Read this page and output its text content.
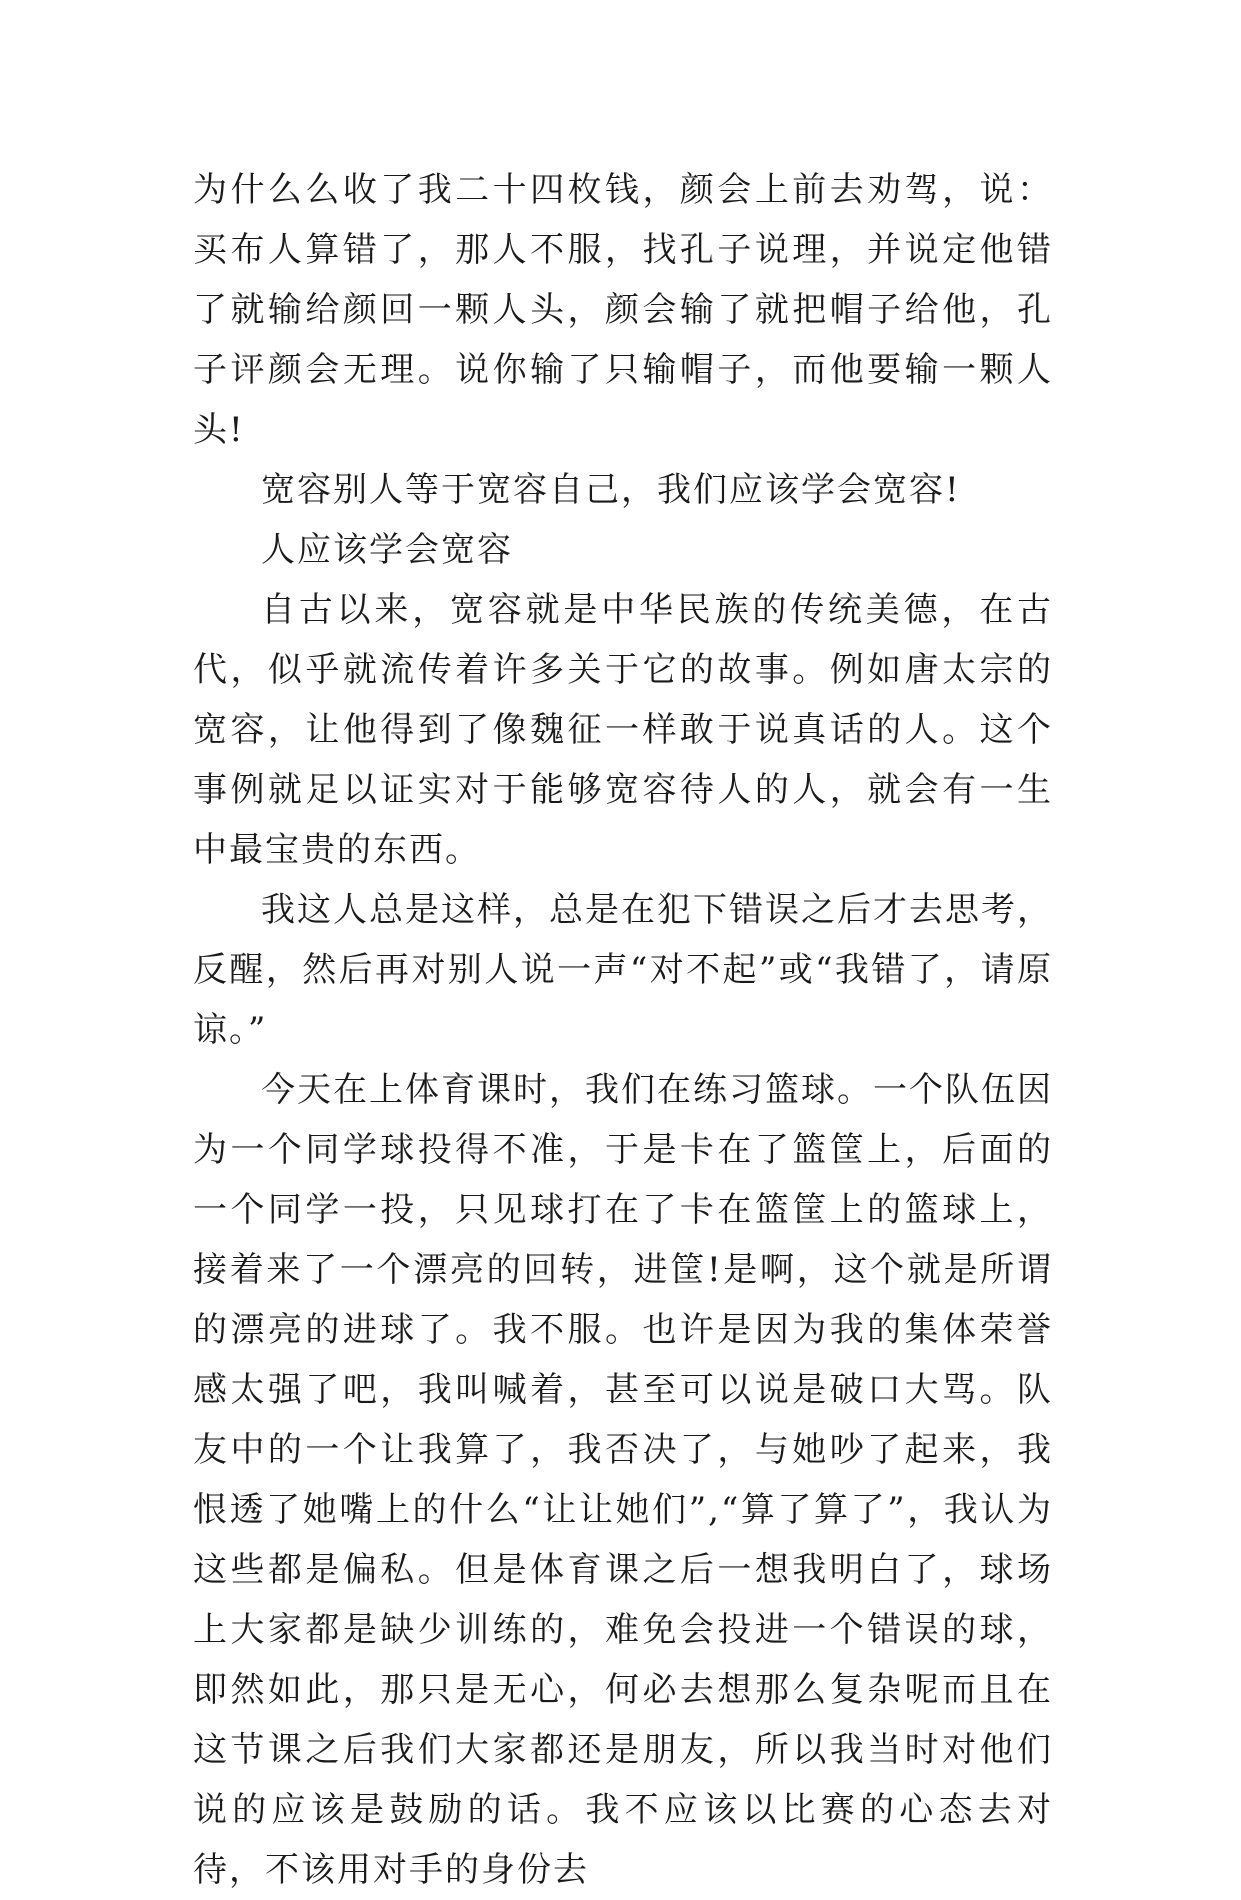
为什么么收了我二十四枚钱，颜会上前去劝驾，说：买布人算错了，那人不服，找孔子说理，并说定他错了就输给颜回一颗人头，颜会输了就把帽子给他，孔子评颜会无理。说你输了只输帽子，而他要输一颗人头!

宽容别人等于宽容自己，我们应该学会宽容!

人应该学会宽容

自古以来，宽容就是中华民族的传统美德，在古代，似乎就流传着许多关于它的故事。例如唐太宗的宽容，让他得到了像魏征一样敢于说真话的人。这个事例就足以证实对于能够宽容待人的人，就会有一生中最宝贵的东西。

我这人总是这样，总是在犯下错误之后才去思考，反醒，然后再对别人说一声“对不起”或“我错了，请原谅。”

今天在上体育课时，我们在练习篮球。一个队伍因为一个同学球投得不准，于是卡在了篮筐上，后面的一个同学一投，只见球打在了卡在篮筐上的篮球上，接着来了一个漂亮的回转，进筐!是啊，这个就是所谓的漂亮的进球了。我不服。也许是因为我的集体荣誉感太强了吧，我叫喊着，甚至可以说是破口大骂。队友中的一个让我算了，我否决了，与她吵了起来，我恨透了她嘴上的什么“让让她们”,“算了算了”，我认为这些都是偏私。但是体育课之后一想我明白了，球场上大家都是缺少训练的，难免会投进一个错误的球，即然如此，那只是无心，何必去想那么复杂呢而且在这节课之后我们大家都还是朋友，所以我当时对他们说的应该是鼓励的话。我不应该以比赛的心态去对待，不该用对手的身份去
